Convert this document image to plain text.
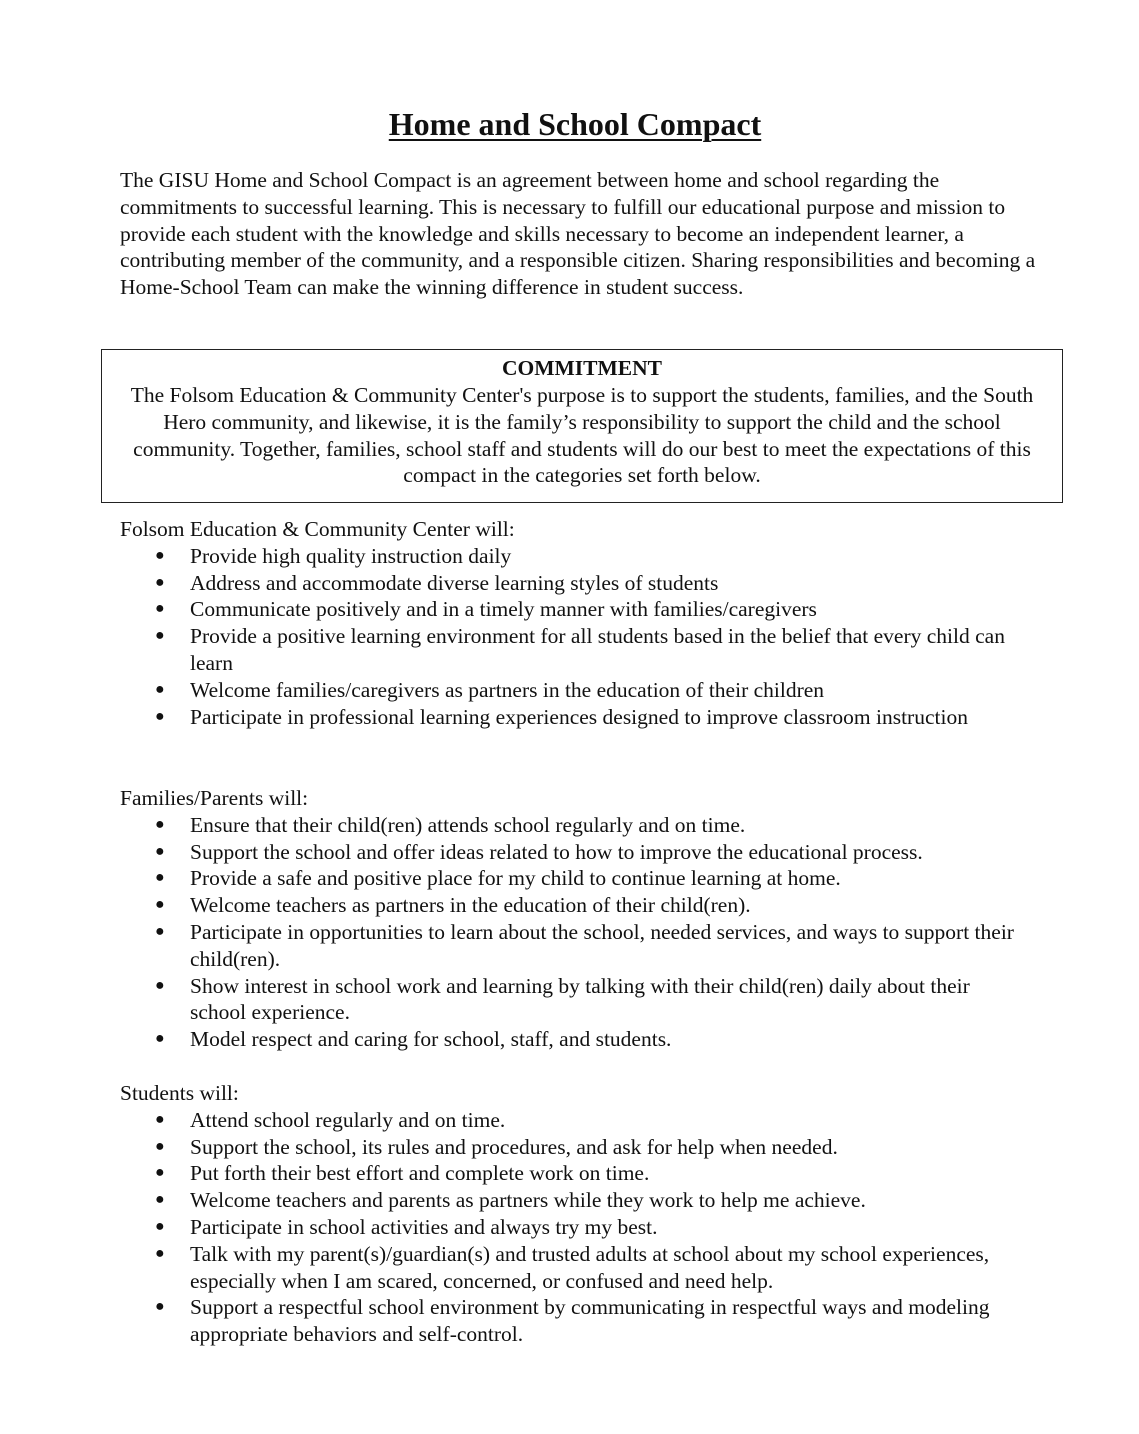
Home and School Compact
The GISU Home and School Compact is an agreement between home and school regarding the commitments to successful learning. This is necessary to fulfill our educational purpose and mission to provide each student with the knowledge and skills necessary to become an independent learner, a contributing member of the community, and a responsible citizen. Sharing responsibilities and becoming a Home-School Team can make the winning difference in student success.
COMMITMENT
The Folsom Education & Community Center's purpose is to support the students, families, and the South Hero community, and likewise, it is the family’s responsibility to support the child and the school community. Together, families, school staff and students will do our best to meet the expectations of this compact in the categories set forth below.
Folsom Education & Community Center will:
● Provide high quality instruction daily
● Address and accommodate diverse learning styles of students
● Communicate positively and in a timely manner with families/caregivers
● Provide a positive learning environment for all students based in the belief that every child can learn
● Welcome families/caregivers as partners in the education of their children
● Participate in professional learning experiences designed to improve classroom instruction
Families/Parents will:
● Ensure that their child(ren) attends school regularly and on time.
● Support the school and offer ideas related to how to improve the educational process.
● Provide a safe and positive place for my child to continue learning at home.
● Welcome teachers as partners in the education of their child(ren).
● Participate in opportunities to learn about the school, needed services, and ways to support their child(ren).
● Show interest in school work and learning by talking with their child(ren) daily about their school experience.
● Model respect and caring for school, staff, and students.
Students will:
● Attend school regularly and on time.
● Support the school, its rules and procedures, and ask for help when needed.
● Put forth their best effort and complete work on time.
● Welcome teachers and parents as partners while they work to help me achieve.
● Participate in school activities and always try my best.
● Talk with my parent(s)/guardian(s) and trusted adults at school about my school experiences, especially when I am scared, concerned, or confused and need help.
● Support a respectful school environment by communicating in respectful ways and modeling appropriate behaviors and self-control.
